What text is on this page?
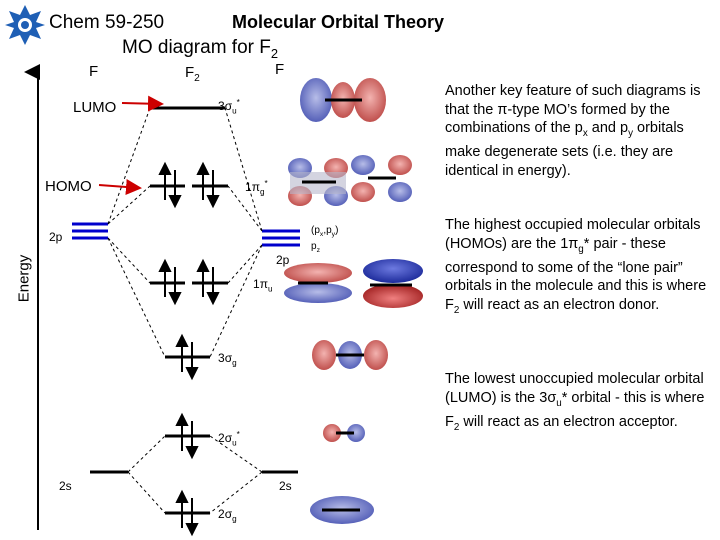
Chem 59-250	Molecular Orbital Theory
MO diagram for $F_2$
F	$F_2$
F
Energy
LUMO
HOMO
2p
2p
2s	2s
$(p_x,p_y)$
$p_z$
$3\sigma_u^*$
$1\pi_g^*$
$1\pi_u$
$3\sigma_g$
$2\sigma_u^*$
$2\sigma_g$
Another key feature of such diagrams is that the π-type MO’s formed by the combinations of the $p_x$ and $p_y$ orbitals make degenerate sets (i.e. they are identical in energy).
The highest occupied molecular orbitals (HOMOs) are the $1\pi_g*$ pair - these correspond to some of the “lone pair” orbitals in the molecule and this is where $F_2$ will react as an electron donor.
The lowest unoccupied molecular orbital (LUMO) is the $3\sigma_u*$ orbital - this is where $F_2$ will react as an electron acceptor.
